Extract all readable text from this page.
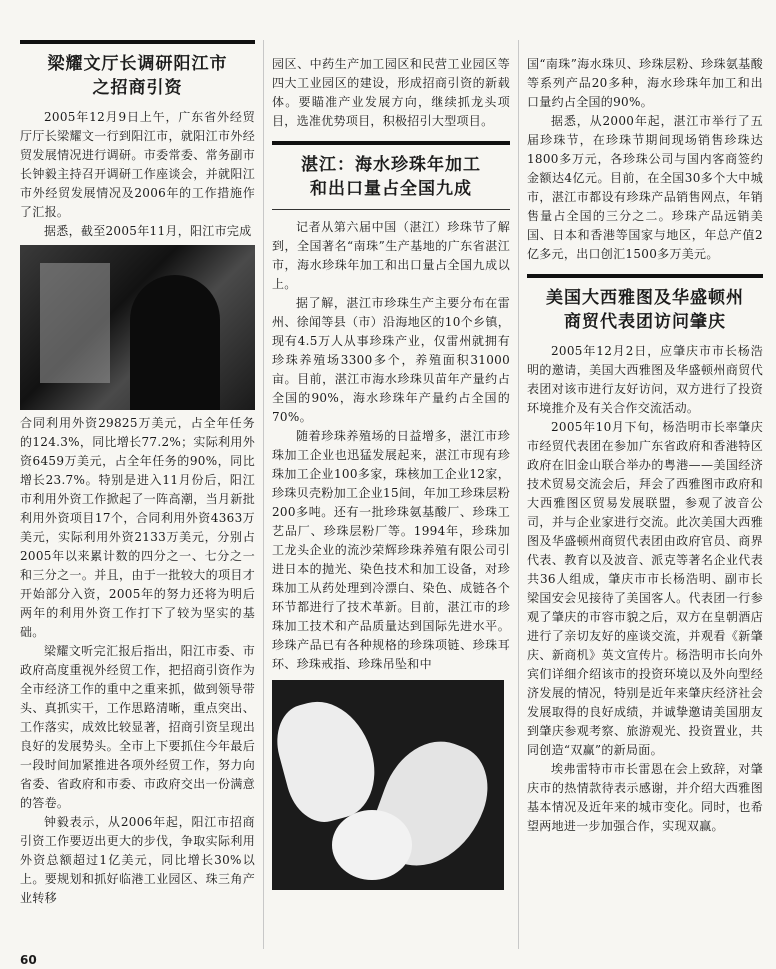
梁耀文厅长调研阳江市
之招商引资

2005年12月9日上午，广东省外经贸厅厅长梁耀文一行到阳江市，就阳江市外经贸发展情况进行调研。市委常委、常务副市长钟毅主持召开调研工作座谈会，并就阳江市外经贸发展情况及2006年的工作措施作了汇报。

据悉，截至2005年11月，阳江市完成

合同利用外资29825万美元，占全年任务的124.3%，同比增长77.2%；实际利用外资6459万美元，占全年任务的90%，同比增长23.7%。特别是进入11月份后，阳江市利用外资工作掀起了一阵高潮，当月新批利用外资项目17个，合同利用外资4363万美元，实际利用外资2133万美元，分别占2005年以来累计数的四分之一、七分之一和三分之一。并且，由于一批较大的项目才开始部分入资，2005年的努力还将为明后两年的利用外资工作打下了较为坚实的基础。

梁耀文听完汇报后指出，阳江市委、市政府高度重视外经贸工作，把招商引资作为全市经济工作的重中之重来抓，做到领导带头、真抓实干，工作思路清晰，重点突出、工作落实，成效比较显著，招商引资呈现出良好的发展势头。全市上下要抓住今年最后一段时间加紧推进各项外经贸工作，努力向省委、省政府和市委、市政府交出一份满意的答卷。

钟毅表示，从2006年起，阳江市招商引资工作要迈出更大的步伐，争取实际利用外资总额超过1亿美元，同比增长30%以上。要规划和抓好临港工业园区、珠三角产业转移

园区、中药生产加工园区和民营工业园区等四大工业园区的建设，形成招商引资的新载体。要瞄准产业发展方向，继续抓龙头项目，选准优势项目，积极招引大型项目。

湛江：海水珍珠年加工
和出口量占全国九成

记者从第六届中国（湛江）珍珠节了解到，全国著名“南珠”生产基地的广东省湛江市，海水珍珠年加工和出口量占全国九成以上。

据了解，湛江市珍珠生产主要分布在雷州、徐闻等县（市）沿海地区的10个乡镇，现有4.5万人从事珍珠产业，仅雷州就拥有珍珠养殖场3300多个，养殖面积31000亩。目前，湛江市海水珍珠贝苗年产量约占全国的90%，海水珍珠年产量约占全国的70%。

随着珍珠养殖场的日益增多，湛江市珍珠加工企业也迅猛发展起来，湛江市现有珍珠加工企业100多家，珠核加工企业12家，珍珠贝壳粉加工企业15间，年加工珍珠层粉200多吨。还有一批珍珠氨基酸厂、珍珠工艺品厂、珍珠层粉厂等。1994年，珍珠加工龙头企业的流沙荣辉珍珠养殖有限公司引进日本的抛光、染色技术和加工设备，对珍珠加工从药处理到冷漂白、染色、成链各个环节都进行了技术革新。目前，湛江市的珍珠加工技术和产品质量达到国际先进水平。珍珠产品已有各种规格的珍珠项链、珍珠耳环、珍珠戒指、珍珠吊坠和中

国“南珠”海水珠贝、珍珠层粉、珍珠氨基酸等系列产品20多种，海水珍珠年加工和出口量约占全国的90%。

据悉，从2000年起，湛江市举行了五届珍珠节，在珍珠节期间现场销售珍珠达1800多万元，各珍珠公司与国内客商签约金额达4亿元。目前，在全国30多个大中城市，湛江市都设有珍珠产品销售网点，年销售量占全国的三分之二。珍珠产品远销美国、日本和香港等国家与地区，年总产值2亿多元，出口创汇1500多万美元。

美国大西雅图及华盛顿州
商贸代表团访问肇庆

2005年12月2日，应肇庆市市长杨浩明的邀请，美国大西雅图及华盛顿州商贸代表团对该市进行友好访问，双方进行了投资环境推介及有关合作交流活动。

2005年10月下旬，杨浩明市长率肇庆市经贸代表团在参加广东省政府和香港特区政府在旧金山联合举办的粤港——美国经济技术贸易交流会后，拜会了西雅图市政府和大西雅图区贸易发展联盟，参观了波音公司，并与企业家进行交流。此次美国大西雅图及华盛顿州商贸代表团由政府官员、商界代表、教育以及波音、派克等著名企业代表共36人组成，肇庆市市长杨浩明、副市长梁国安会见接待了美国客人。代表团一行参观了肇庆的市容市貌之后，双方在皇朝酒店进行了亲切友好的座谈交流，并观看《新肇庆、新商机》英文宣传片。杨浩明市长向外宾们详细介绍该市的投资环境以及外向型经济发展的情况，特别是近年来肇庆经济社会发展取得的良好成绩，并诚挚邀请美国朋友到肇庆参观考察、旅游观光、投资置业，共同创造“双赢”的新局面。

埃弗雷特市市长雷恩在会上致辞，对肇庆市的热情款待表示感谢，并介绍大西雅图基本情况及近年来的城市变化。同时，也希望两地进一步加强合作，实现双赢。

60
